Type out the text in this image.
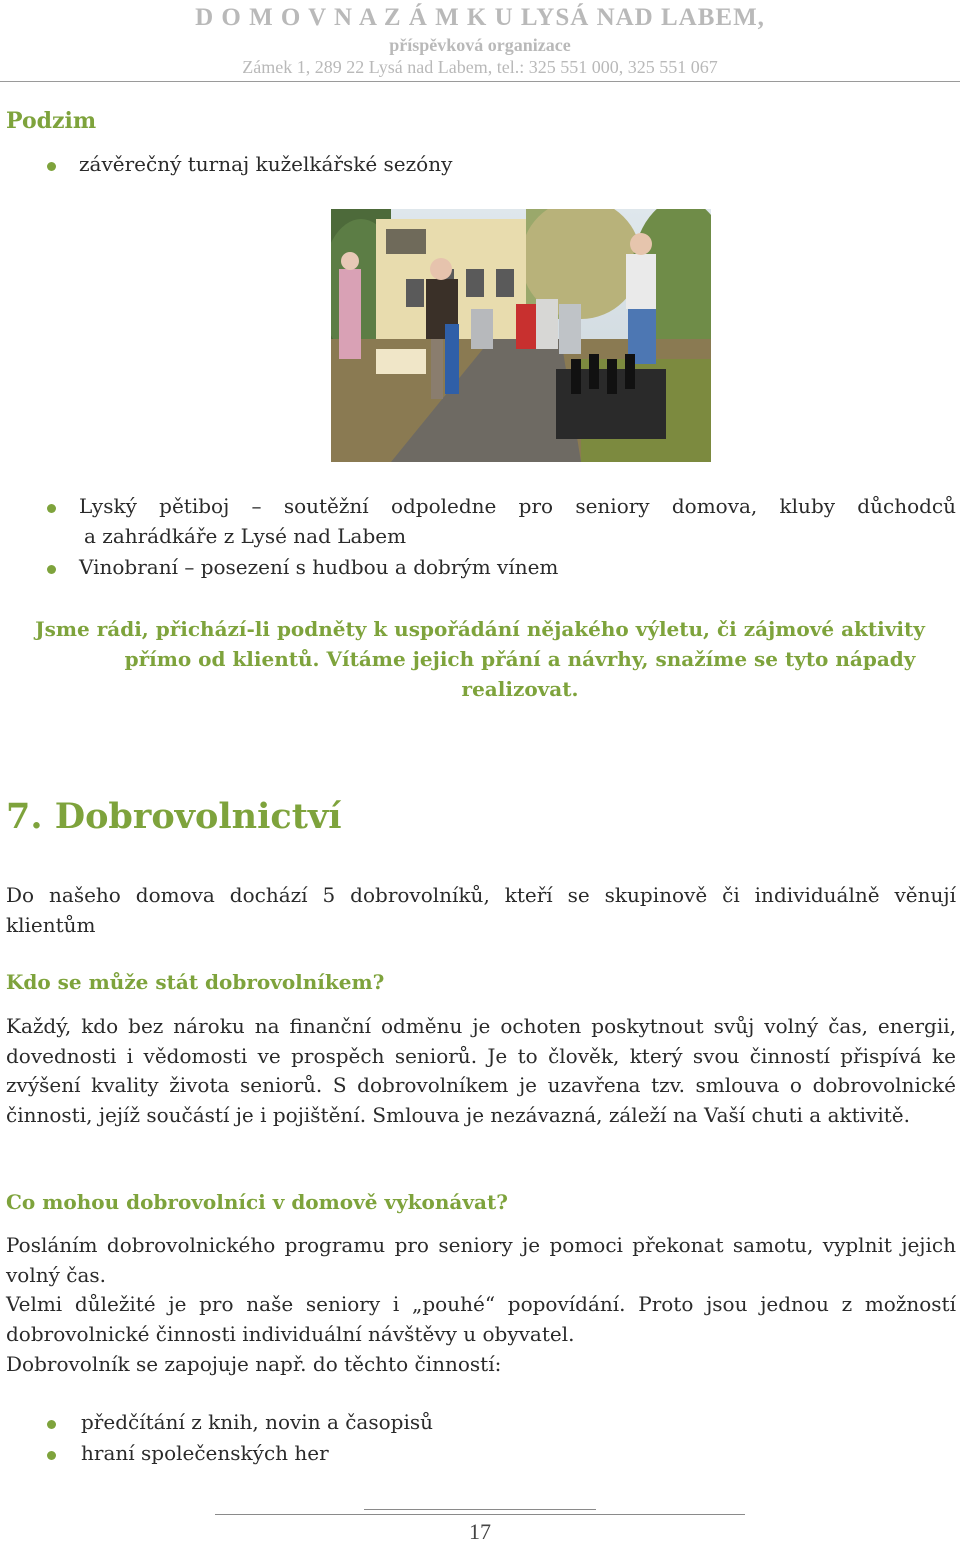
D O M O V N A Z Á M K U LYSÁ NAD LABEM,
příspěvková organizace
Zámek 1, 289 22 Lysá nad Labem, tel.: 325 551 000, 325 551 067
Podzim
závěrečný turnaj kuželkářské sezóny
Lyský pětiboj – soutěžní odpoledne pro seniory domova, kluby důchodců
a zahrádkáře z Lysé nad Labem
Vinobraní – posezení s hudbou a dobrým vínem
Jsme rádi, přichází-li podněty k uspořádání nějakého výletu, či zájmové aktivity
přímo od klientů. Vítáme jejich přání a návrhy, snažíme se tyto nápady
realizovat.
7. Dobrovolnictví
Do našeho domova dochází 5 dobrovolníků, kteří se skupinově či individuálně věnují klientům
Kdo se může stát dobrovolníkem?
Každý, kdo bez nároku na finanční odměnu je ochoten poskytnout svůj volný čas, energii, dovednosti i vědomosti ve prospěch seniorů. Je to člověk, který svou činností přispívá ke zvýšení kvality života seniorů. S dobrovolníkem je uzavřena tzv. smlouva o dobrovolnické činnosti, jejíž součástí je i pojištění. Smlouva je nezávazná, záleží na Vaší chuti a aktivitě.
Co mohou dobrovolníci v domově vykonávat?
Posláním dobrovolnického programu pro seniory je pomoci překonat samotu, vyplnit jejich volný čas.
Velmi důležité je pro naše seniory i „pouhé“ popovídání. Proto jsou jednou z možností dobrovolnické činnosti individuální návštěvy u obyvatel.
Dobrovolník se zapojuje např. do těchto činností:
předčítání z knih, novin a časopisů
hraní společenských her
17
